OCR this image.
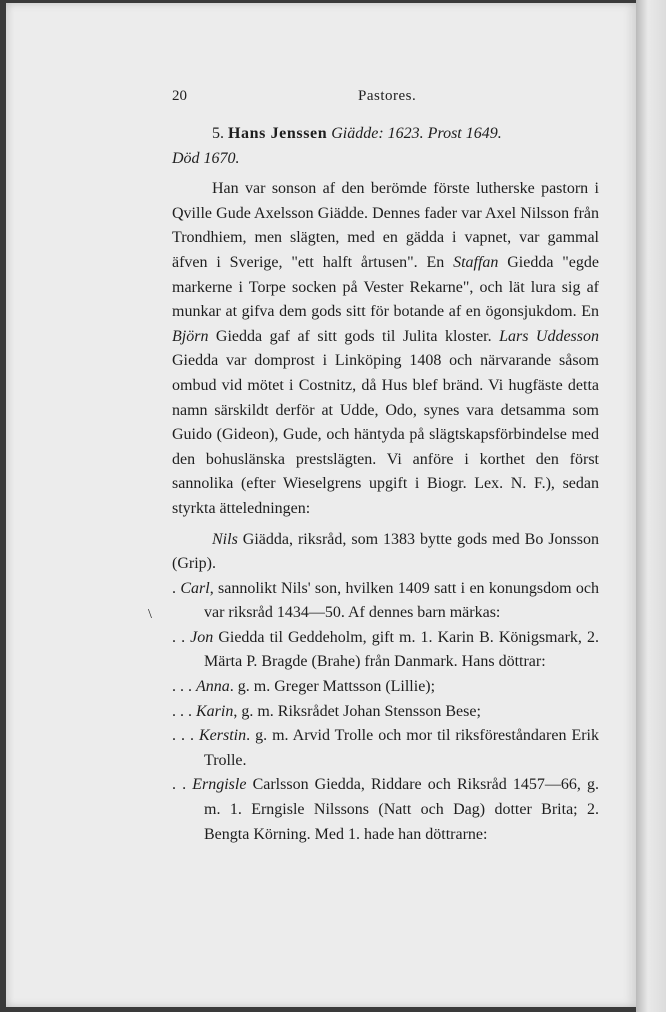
20	Pastores.
\

5. Hans Jenssen Giädde: 1623. Prost 1649.
Död 1670.

Han var sonson af den berömde förste lutherske pastorn i Qville Gude Axelsson Giädde. Dennes fader var Axel Nilsson från Trondhiem, men slägten, med en gädda i vapnet, var gammal äfven i Sverige, "ett halft årtusen". En Staffan Giedda "egde markerne i Torpe socken på Vester Rekarne", och lät lura sig af munkar at gifva dem gods sitt för botande af en ögonsjukdom. En Björn Giedda gaf af sitt gods til Julita kloster. Lars Uddesson Giedda var domprost i Linköping 1408 och närvarande såsom ombud vid mötet i Costnitz, då Hus blef bränd. Vi hugfäste detta namn särskildt derför at Udde, Odo, synes vara detsamma som Guido (Gideon), Gude, och häntyda på slägtskapsförbindelse med den bohuslänska prestslägten. Vi anföre i korthet den först sannolika (efter Wieselgrens upgift i Biogr. Lex. N. F.), sedan styrkta ätteledningen:

Nils Giädda, riksråd, som 1383 bytte gods med Bo Jonsson (Grip).

. Carl, sannolikt Nils' son, hvilken 1409 satt i en konungsdom och var riksråd 1434—50. Af dennes barn märkas:

. . Jon Giedda til Geddeholm, gift m. 1. Karin B. Königsmark, 2. Märta P. Bragde (Brahe) från Danmark. Hans döttrar:

. . . Anna. g. m. Greger Mattsson (Lillie);

. . . Karin, g. m. Riksrådet Johan Stensson Bese;

. . . Kerstin. g. m. Arvid Trolle och mor til riksföreståndaren Erik Trolle.

. . Erngisle Carlsson Giedda, Riddare och Riksråd 1457—66, g. m. 1. Erngisle Nilssons (Natt och Dag) dotter Brita; 2. Bengta Körning. Med 1. hade han döttrarne:
